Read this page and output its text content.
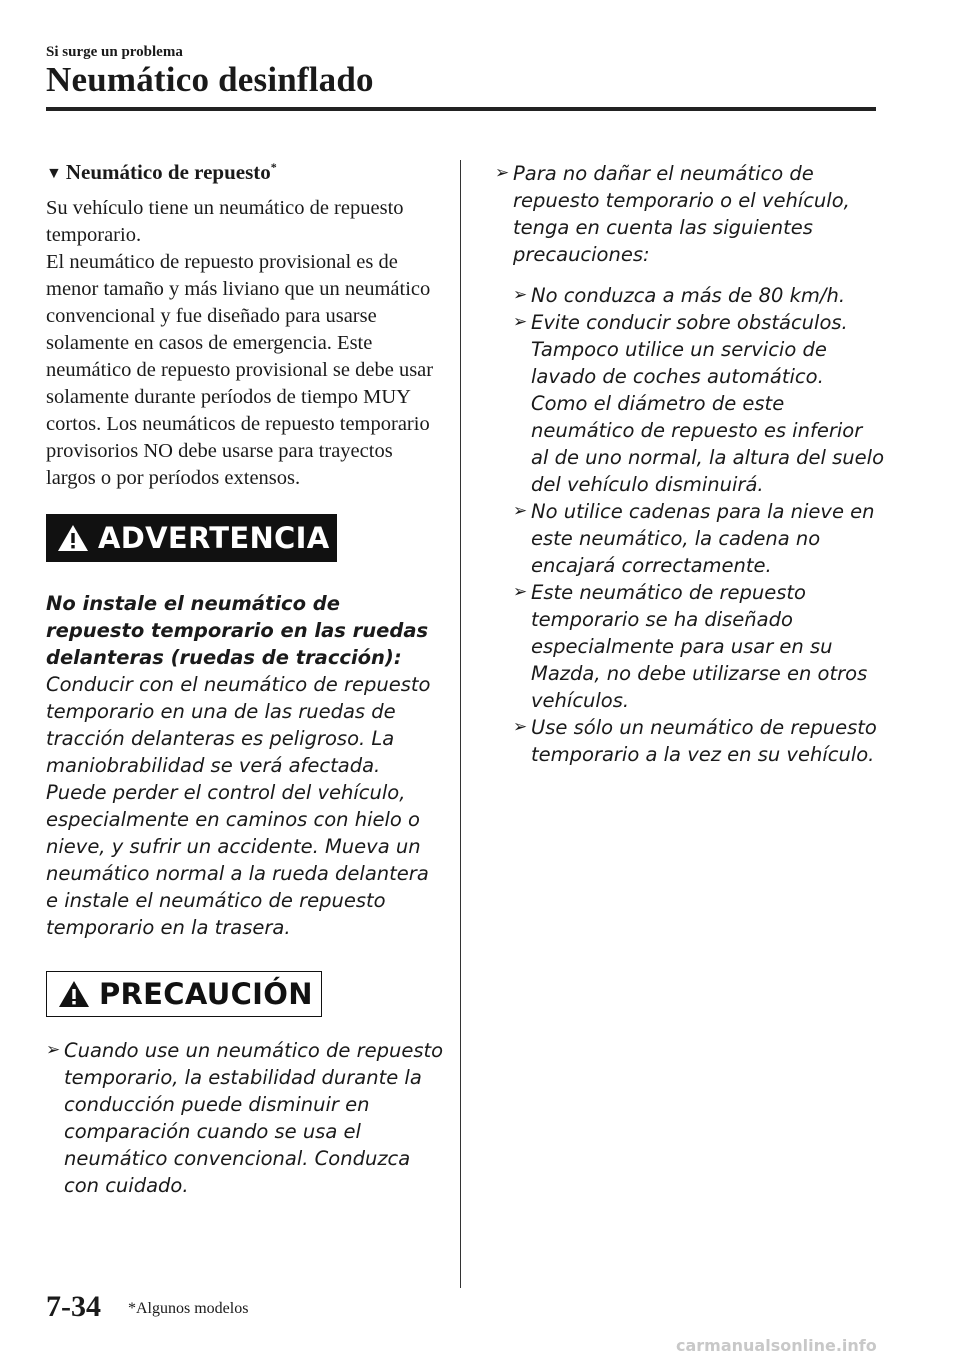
Si surge un problema
Neumático desinflado
▼ Neumático de repuesto*

Su vehículo tiene un neumático de repuesto temporario.

El neumático de repuesto provisional es de menor tamaño y más liviano que un neumático convencional y fue diseñado para usarse solamente en casos de emergencia. Este neumático de repuesto provisional se debe usar solamente durante períodos de tiempo MUY cortos. Los neumáticos de repuesto temporario provisorios NO debe usarse para trayectos largos o por períodos extensos.

ADVERTENCIA
No instale el neumático de repuesto temporario en las ruedas delanteras (ruedas de tracción):

Conducir con el neumático de repuesto temporario en una de las ruedas de tracción delanteras es peligroso. La maniobrabilidad se verá afectada. Puede perder el control del vehículo, especialmente en caminos con hielo o nieve, y sufrir un accidente. Mueva un neumático normal a la rueda delantera e instale el neumático de repuesto temporario en la trasera.

PRECAUCIÓN
➢ Cuando use un neumático de repuesto temporario, la estabilidad durante la conducción puede disminuir en comparación cuando se usa el neumático convencional. Conduzca con cuidado.
➢ Para no dañar el neumático de repuesto temporario o el vehículo, tenga en cuenta las siguientes precauciones:
➢ No conduzca a más de 80 km/h.
➢ Evite conducir sobre obstáculos. Tampoco utilice un servicio de lavado de coches automático. Como el diámetro de este neumático de repuesto es inferior al de uno normal, la altura del suelo del vehículo disminuirá.
➢ No utilice cadenas para la nieve en este neumático, la cadena no encajará correctamente.
➢ Este neumático de repuesto temporario se ha diseñado especialmente para usar en su Mazda, no debe utilizarse en otros vehículos.
➢ Use sólo un neumático de repuesto temporario a la vez en su vehículo.
7-34 *Algunos modelos
carmanualsonline.info
